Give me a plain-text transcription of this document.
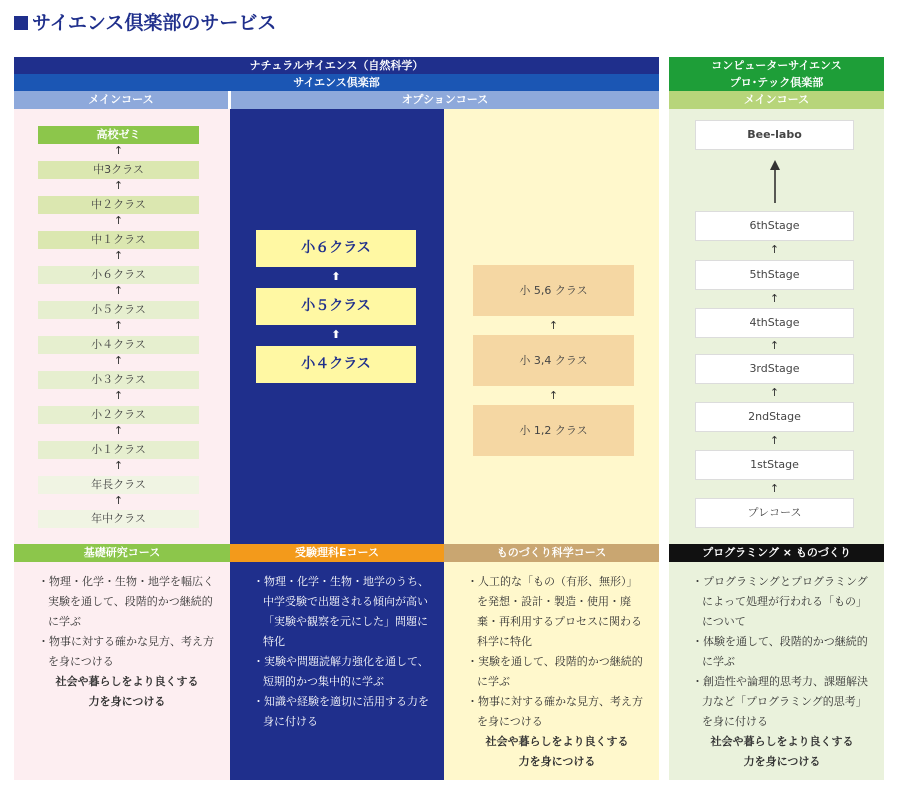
サイエンス倶楽部のサービス
ナチュラルサイエンス（自然科学）
サイエンス倶楽部
メインコース	オプションコース
コンピューターサイエンス
プロ･テック倶楽部
メインコース
高校ゼミ
↑
中3クラス
↑
中２クラス
↑
中１クラス
↑
小６クラス
↑
小５クラス
↑
小４クラス
↑
小３クラス
↑
小２クラス
↑
小１クラス
↑
年長クラス
↑
年中クラス
小６クラス
⬆
小５クラス
⬆
小４クラス
小 5,6 クラス
↑
小 3,4 クラス
↑
小 1,2 クラス
Bee-labo
6thStage
↑
5thStage
↑
4thStage
↑
3rdStage
↑
2ndStage
↑
1stStage
↑
プレコース
基礎研究コース	受験理科Eコース	ものづくり科学コース	プログラミング × ものづくり
・ 物理・化学・生物・地学を幅広く実験を通して、段階的かつ継続的に学ぶ
・ 物事に対する確かな見方、考え方を身につける
社会や暮らしをより良くする
力を身につける
・ 物理・化学・生物・地学のうち、中学受験で出題される傾向が高い「実験や観察を元にした」問題に特化
・ 実験や問題読解力強化を通して、 短期的かつ集中的に学ぶ
・ 知識や経験を適切に活用する力を身に付ける
・ 人工的な「もの（有形、無形）」を発想・設計・製造・使用・廃棄・再利用するプロセスに関わる科学に特化
・ 実験を通して、段階的かつ継続的に学ぶ
・ 物事に対する確かな見方、考え方を身につける
社会や暮らしをより良くする
力を身につける
・ プログラミングとプログラミングによって処理が行われる「もの」について
・ 体験を通して、段階的かつ継続的に学ぶ
・ 創造性や論理的思考力、課題解決力など「プログラミング的思考」を身に付ける
社会や暮らしをより良くする
力を身につける
